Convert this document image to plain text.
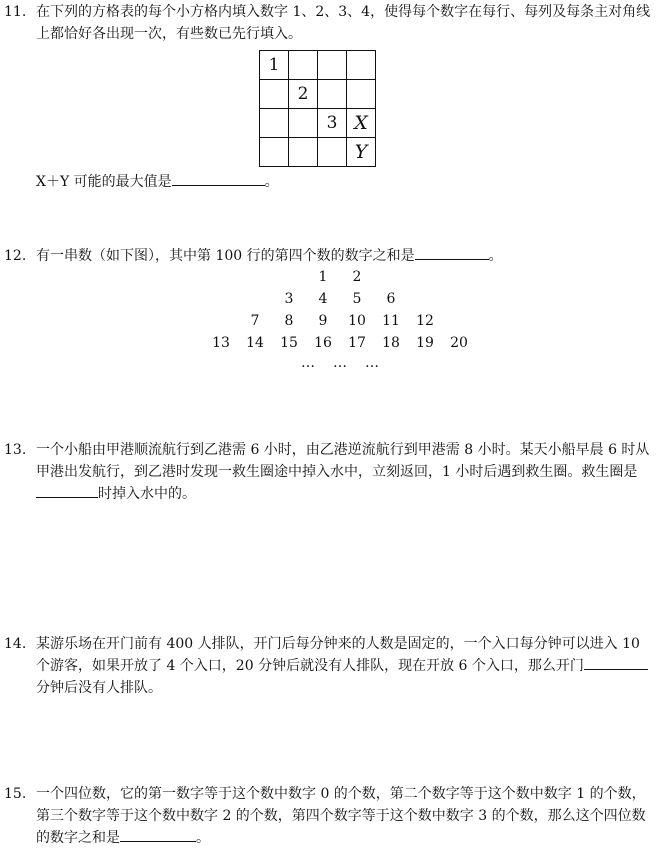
11. 在下列的方格表的每个小方格内填入数字 1、2、3、4，使得每个数字在每行、每列及每条主对角线
上都恰好各出现一次，有些数已先行填入。
1			
	2		
		3	X
			Y
X＋Y 可能的最大值是	。
12. 有一串数（如下图），其中第 100 行的第四个数的数字之和是	。
1 2
3 4 5 6
7 8 9 10 11 12
13 14 15 16 17 18 19 20
… … …
13. 一个小船由甲港顺流航行到乙港需 6 小时，由乙港逆流航行到甲港需 8 小时。某天小船早晨 6 时从
甲港出发航行，到乙港时发现一救生圈途中掉入水中，立刻返回，1 小时后遇到救生圈。救生圈是
时掉入水中的。
14. 某游乐场在开门前有 400 人排队，开门后每分钟来的人数是固定的，一个入口每分钟可以进入 10
个游客，如果开放了 4 个入口，20 分钟后就没有人排队，现在开放 6 个入口，那么开门
分钟后没有人排队。
15. 一个四位数，它的第一数字等于这个数中数字 0 的个数，第二个数字等于这个数中数字 1 的个数，
第三个数字等于这个数中数字 2 的个数，第四个数字等于这个数中数字 3 的个数，那么这个四位数
的数字之和是	。
